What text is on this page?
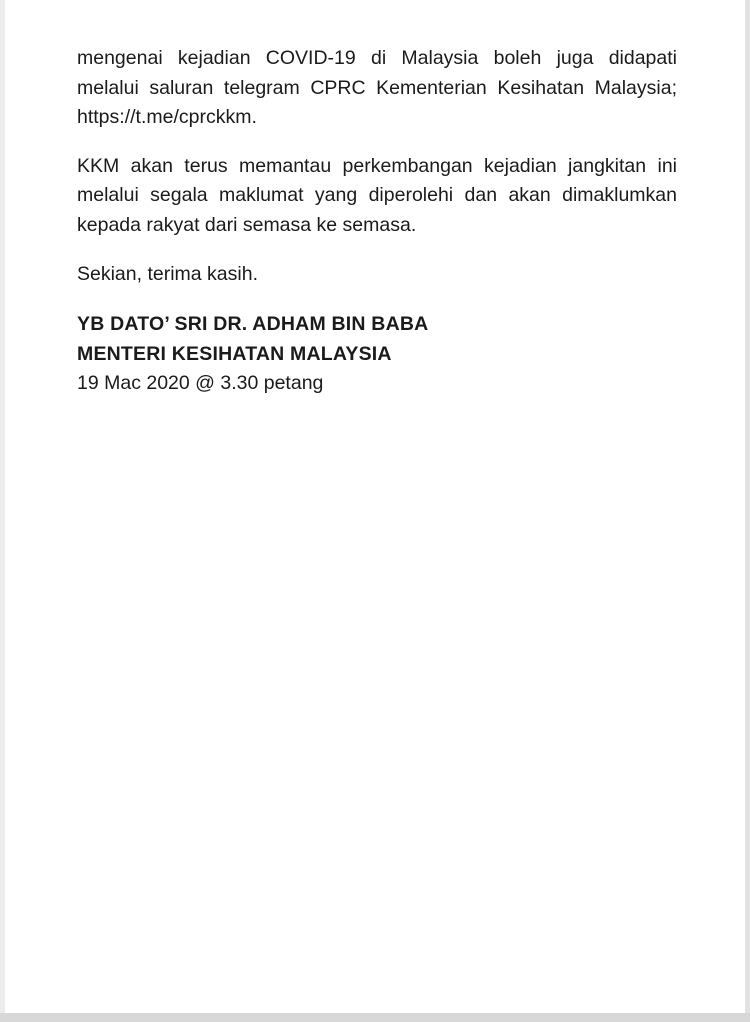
mengenai kejadian COVID-19 di Malaysia boleh juga didapati
melalui saluran telegram CPRC Kementerian Kesihatan Malaysia;
https://t.me/cprckkm.

KKM akan terus memantau perkembangan kejadian jangkitan ini
melalui segala maklumat yang diperolehi dan akan dimaklumkan
kepada rakyat dari semasa ke semasa.

Sekian, terima kasih.

YB DATO’ SRI DR. ADHAM BIN BABA
MENTERI KESIHATAN MALAYSIA
19 Mac 2020 @ 3.30 petang
